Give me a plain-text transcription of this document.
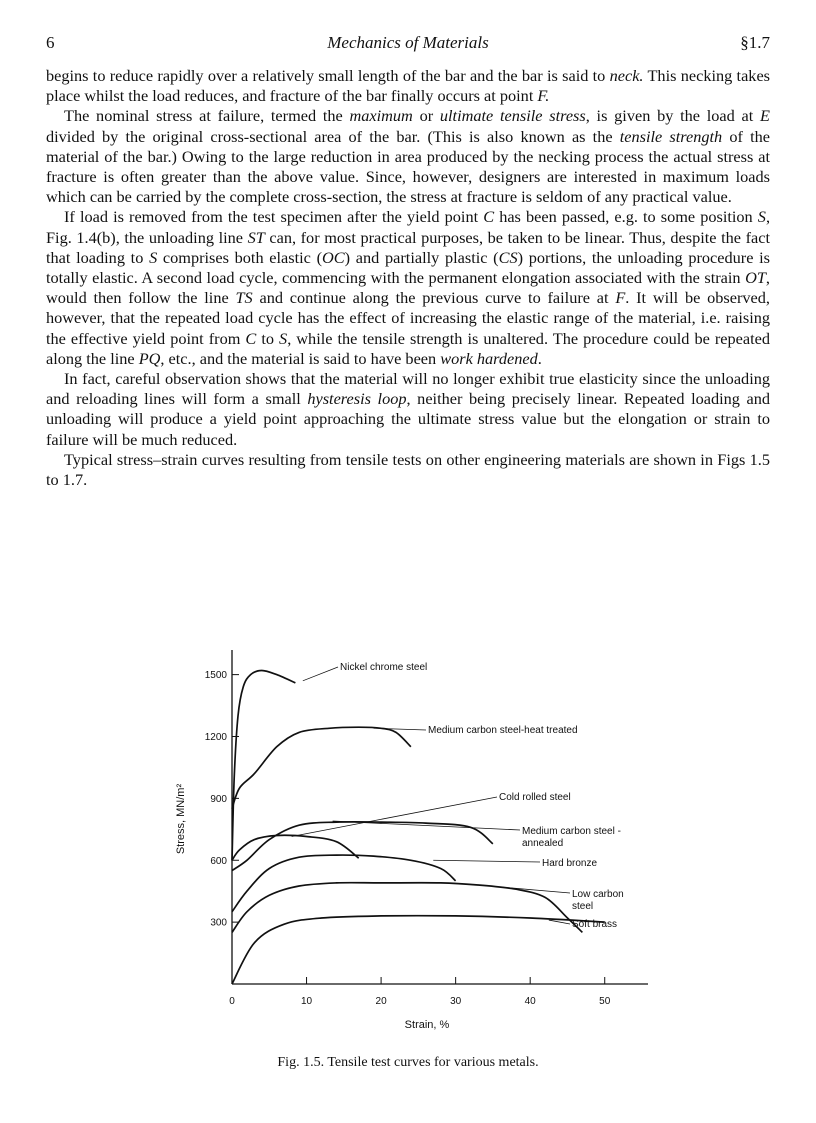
6	Mechanics of Materials	§1.7

begins to reduce rapidly over a relatively small length of the bar and the bar is said to neck. This necking takes place whilst the load reduces, and fracture of the bar finally occurs at point F.

The nominal stress at failure, termed the maximum or ultimate tensile stress, is given by the load at E divided by the original cross-sectional area of the bar. (This is also known as the tensile strength of the material of the bar.) Owing to the large reduction in area produced by the necking process the actual stress at fracture is often greater than the above value. Since, however, designers are interested in maximum loads which can be carried by the complete cross-section, the stress at fracture is seldom of any practical value.

If load is removed from the test specimen after the yield point C has been passed, e.g. to some position S, Fig. 1.4(b), the unloading line ST can, for most practical purposes, be taken to be linear. Thus, despite the fact that loading to S comprises both elastic (OC) and partially plastic (CS) portions, the unloading procedure is totally elastic. A second load cycle, commencing with the permanent elongation associated with the strain OT, would then follow the line TS and continue along the previous curve to failure at F. It will be observed, however, that the repeated load cycle has the effect of increasing the elastic range of the material, i.e. raising the effective yield point from C to S, while the tensile strength is unaltered. The procedure could be repeated along the line PQ, etc., and the material is said to have been work hardened.

In fact, careful observation shows that the material will no longer exhibit true elasticity since the unloading and reloading lines will form a small hysteresis loop, neither being precisely linear. Repeated loading and unloading will produce a yield point approaching the ultimate stress value but the elongation or strain to failure will be much reduced.

Typical stress–strain curves resulting from tensile tests on other engineering materials are shown in Figs 1.5 to 1.7.

0	10	20	30	40	50
300
600
900
1200
1500
Strain, %
Stress, MN/m²
Nickel chrome steel
Medium carbon steel-heat treated
Cold rolled steel
Medium carbon steel -
annealed
Hard bronze
Low carbon
steel
Soft brass
Fig. 1.5. Tensile test curves for various metals.
